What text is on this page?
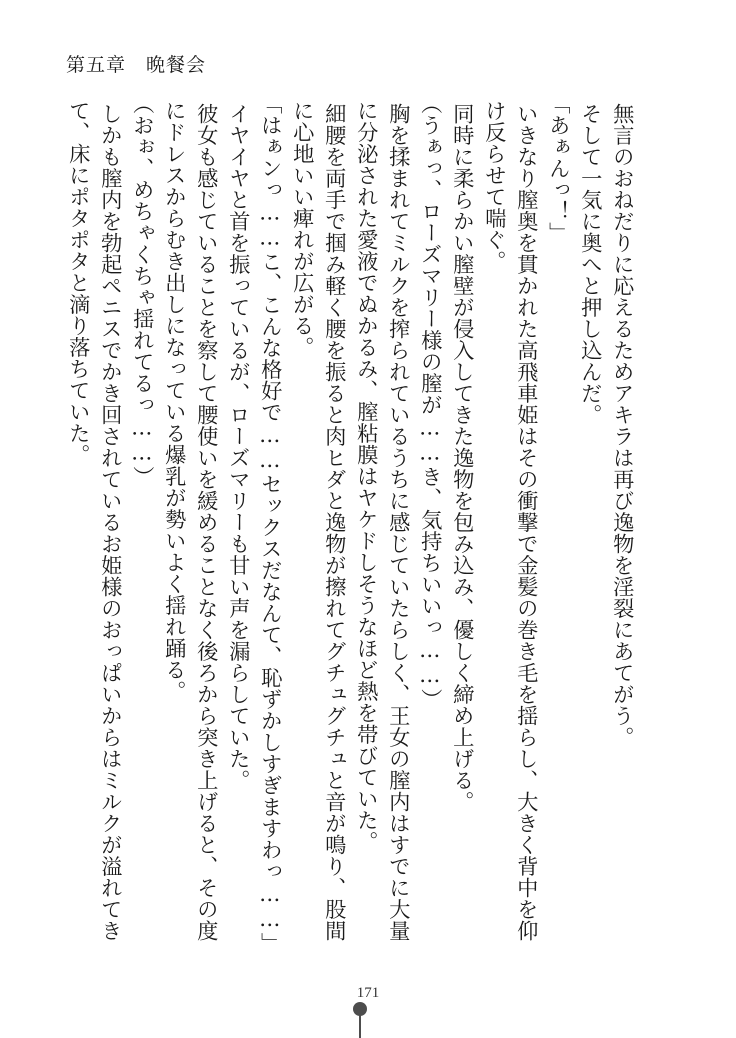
第五章　晩餐会
無言のおねだりに応えるためアキラは再び逸物を淫裂にあてがう。
そして一気に奥へと押し込んだ。
「あぁんっ！」
いきなり膣奥を貫かれた高飛車姫はその衝撃で金髪の巻き毛を揺らし、大きく背中を仰
け反らせて喘ぐ。
同時に柔らかい膣壁が侵入してきた逸物を包み込み、優しく締め上げる。
（うぁっ、ローズマリー様の膣が……き、気持ちいいっ……）
胸を揉まれてミルクを搾られているうちに感じていたらしく、王女の膣内はすでに大量
に分泌された愛液でぬかるみ、膣粘膜はヤケドしそうなほど熱を帯びていた。
細腰を両手で掴み軽く腰を振ると肉ヒダと逸物が擦れてグチュグチュと音が鳴り、股間
に心地いい痺れが広がる。
「はぁンっ……こ、こんな格好で……セックスだなんて、恥ずかしすぎますわっ……」
イヤイヤと首を振っているが、ローズマリーも甘い声を漏らしていた。
彼女も感じていることを察して腰使いを緩めることなく後ろから突き上げると、その度
にドレスからむき出しになっている爆乳が勢いよく揺れ踊る。
（おぉ、めちゃくちゃ揺れてるっ……）
しかも膣内を勃起ペニスでかき回されているお姫様のおっぱいからはミルクが溢れてき
て、床にポタポタと滴り落ちていた。
171
